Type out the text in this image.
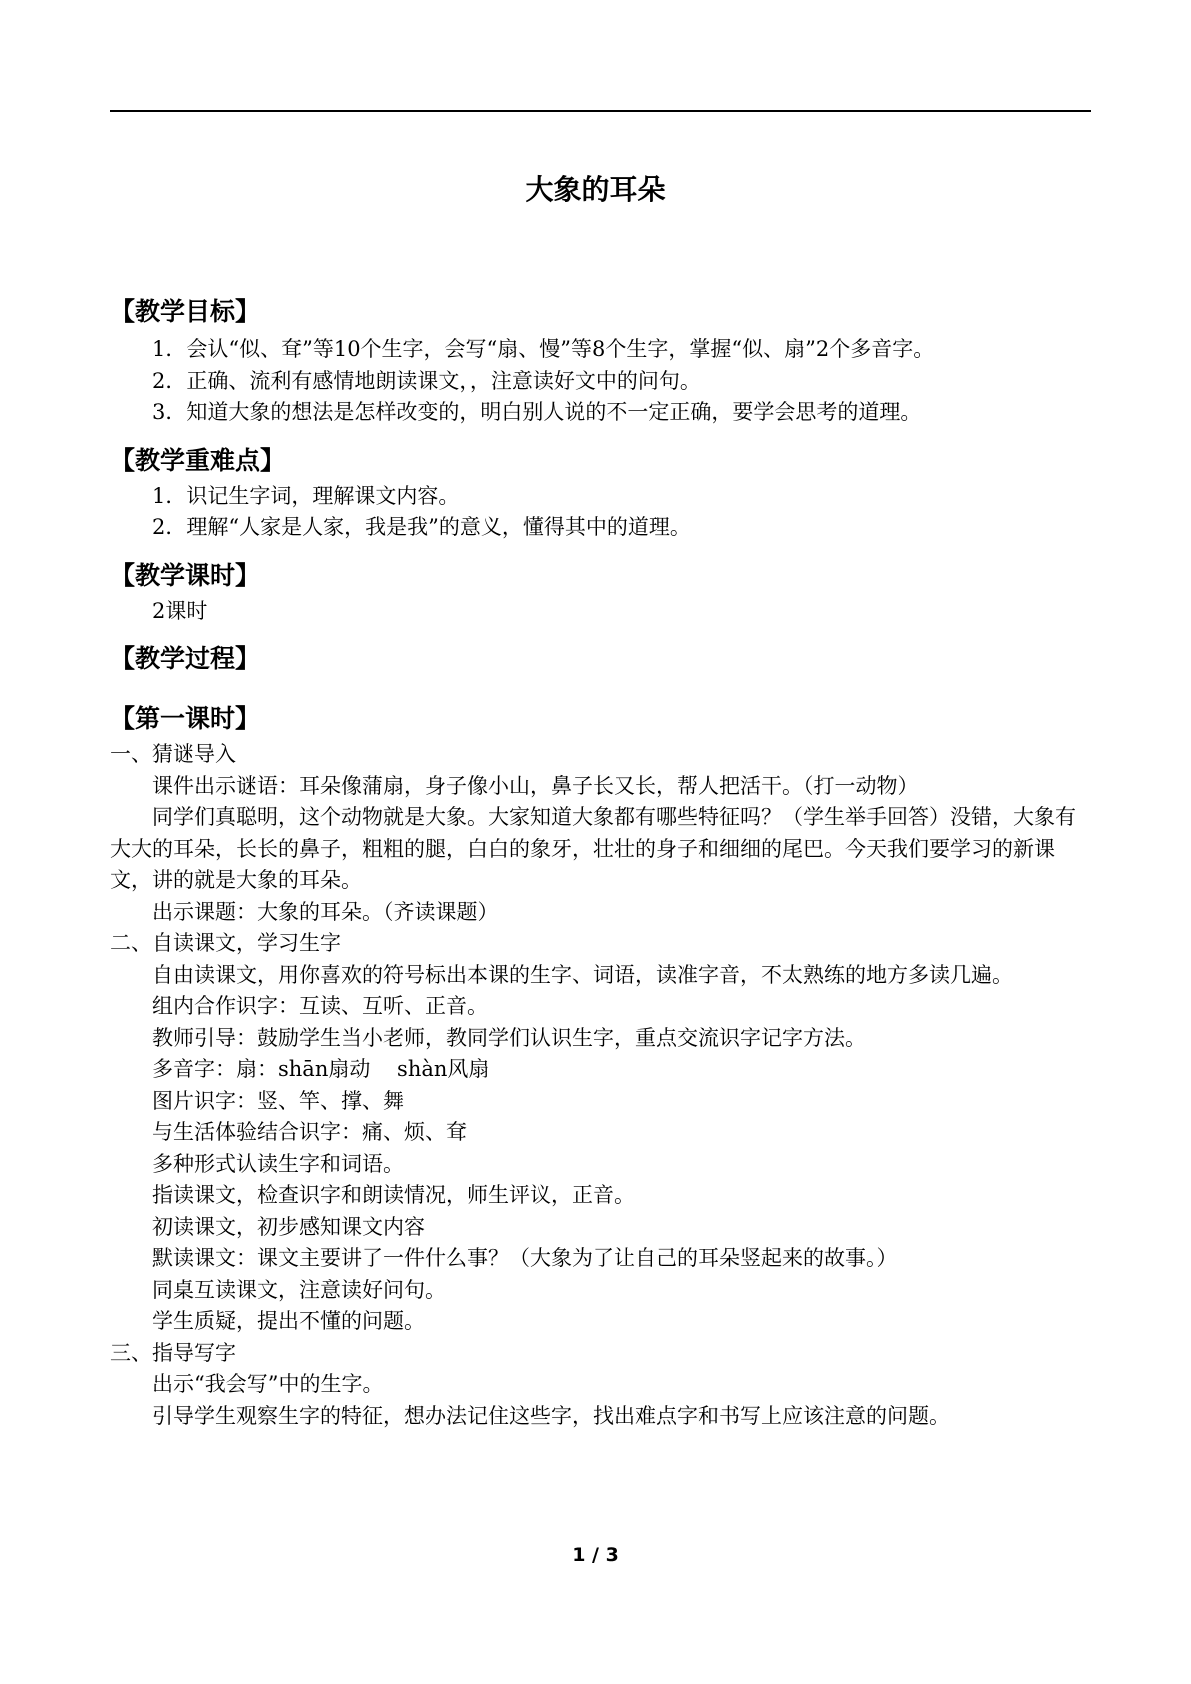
大象的耳朵
【教学目标】

1．会认“似、耷”等10个生字，会写“扇、慢”等8个生字，掌握“似、扇”2个多音字。

2．正确、流利有感情地朗读课文，，注意读好文中的问句。

3．知道大象的想法是怎样改变的，明白别人说的不一定正确，要学会思考的道理。

【教学重难点】

1．识记生字词，理解课文内容。

2．理解“人家是人家，我是我”的意义，懂得其中的道理。

【教学课时】

2课时

【教学过程】
【第一课时】

一、猜谜导入

课件出示谜语：耳朵像蒲扇，身子像小山，鼻子长又长，帮人把活干。（打一动物）

同学们真聪明，这个动物就是大象。大家知道大象都有哪些特征吗？（学生举手回答）没错，大象有大大的耳朵，长长的鼻子，粗粗的腿，白白的象牙，壮壮的身子和细细的尾巴。今天我们要学习的新课文，讲的就是大象的耳朵。

出示课题：大象的耳朵。（齐读课题）

二、自读课文，学习生字

自由读课文，用你喜欢的符号标出本课的生字、词语，读准字音，不太熟练的地方多读几遍。

组内合作识字：互读、互听、正音。

教师引导：鼓励学生当小老师，教同学们认识生字，重点交流识字记字方法。

多音字：扇：shān扇动    shàn风扇

图片识字：竖、竿、撑、舞

与生活体验结合识字：痛、烦、耷

多种形式认读生字和词语。

指读课文，检查识字和朗读情况，师生评议，正音。

初读课文，初步感知课文内容

默读课文：课文主要讲了一件什么事？（大象为了让自己的耳朵竖起来的故事。）

同桌互读课文，注意读好问句。

学生质疑，提出不懂的问题。

三、指导写字

出示“我会写”中的生字。

引导学生观察生字的特征，想办法记住这些字，找出难点字和书写上应该注意的问题。

1 / 3
